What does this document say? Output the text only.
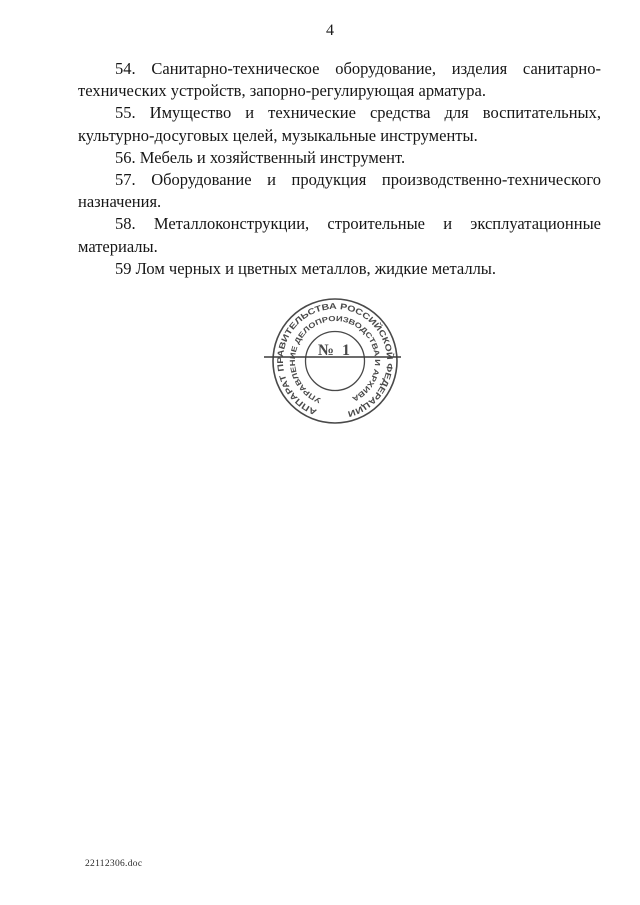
4
54. Санитарно-техническое оборудование, изделия санитарно-
технических устройств, запорно-регулирующая арматура.
55. Имущество и технические средства для воспитательных,
культурно-досуговых целей, музыкальные инструменты.
56. Мебель и хозяйственный инструмент.
57. Оборудование и продукция производственно-технического
назначения.
58. Металлоконструкции, строительные и эксплуатационные
материалы.
59 Лом черных и цветных металлов, жидкие металлы.
АППАРАТ ПРАВИТЕЛЬСТВА РОССИЙСКОЙ ФЕДЕРАЦИИ
УПРАВЛЕНИЕ ДЕЛОПРОИЗВОДСТВА И АРХИВА
№ 1
22112306.doc
